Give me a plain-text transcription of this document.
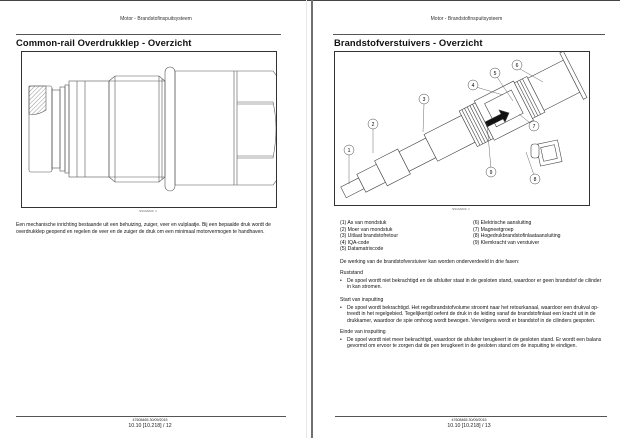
Motor - Brandstofinspuitsysteem
Common-rail Overdrukklep - Overzicht
SS10A000 1
Een mechanische inrichting bestaande uit een behuizing, zuiger, veer en vulplaatje. Bij een bepaalde druk wordt de overdrukklep geopend en regelen de veer en de zuiger de druk om een minimaal motorvermogen te handhaven.
47608465 30/09/2015
10.10 [10.218] / 12
Motor - Brandstofinspuitsysteem
Brandstofverstuivers - Overzicht
1
2
3
4
5
6
7
8
9
SS10A000 1
(1) As van mondstuk
(2) Moer van mondstuk
(3) Uitlaat brandstofretour
(4) IQA-code
(5) Datamatrixcode
(6) Elektrische aansluiting
(7) Magneetgroep
(8) Hogedrukbrandstofinlaataansluiting
(9) Klemkracht van verstuiver
De werking van de brandstofverstuiver kan worden onderverdeeld in drie fasen:
Ruststand
• De spoel wordt niet bekrachtigd en de afsluiter staat in de gesloten stand, waardoor er geen brandstof de cilinder
in kan stromen.
Start van inspuiting
• De spoel wordt bekrachtigd. Het regelbrandstofvolume stroomt naar het retourkanaal, waardoor een drukval op-
treedt in het regelgebied. Tegelijkertijd oefent de druk in de leiding vanaf de brandstofinlaat een kracht uit in de
drukkamer, waardoor de spie omhoog wordt bewogen. Vervolgens wordt er brandstof in de cilinders gespoten.
Einde van inspuiting
• De spoel wordt niet meer bekrachtigd, waardoor de afsluiter terugkeert in de gesloten stand. Er wordt een balans
gevormd om ervoor te zorgen dat de pen terugkeert in de gesloten stand om de inspuiting te eindigen.
47608465 30/09/2015
10.10 [10.218] / 13
